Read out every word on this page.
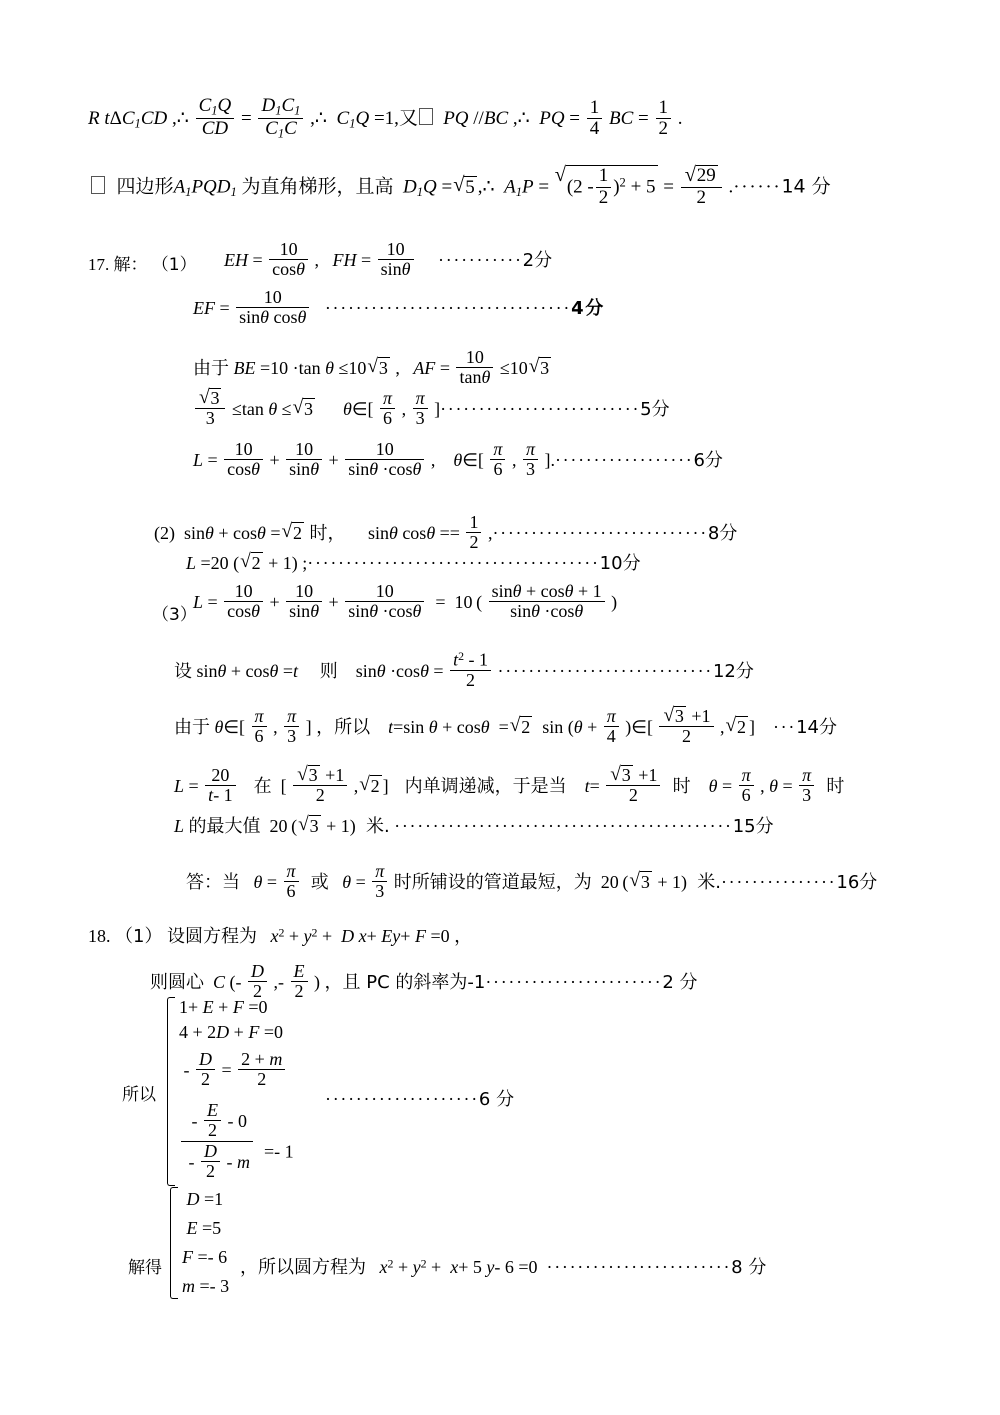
R tΔC$_1$CD ,∴ $\frac{C_1Q}{CD} = \frac{D_1C_1}{C_1C}$ ,∴  $C_1Q =1$,又  PQ //BC ,∴  PQ = $\frac{1}{4}$ BC = $\frac{1}{2}$ .
四边形$A_1PQD_1$ 为直角梯形，且高  $D_1Q$ = √ 5 ,∴  $A_1P$ = √ $(2 - \frac{1}{2} )^2 + 5$ = √ $\frac{29}{2} .\cdot\cdot\cdot\cdot\cdot\cdot 14$ 分
17. 解： （1） EH = $\frac{10}{\cos\theta}$ ,   FH = $\frac{10}{\sin\theta} \cdot\cdot\cdot\cdot\cdot\cdot\cdot\cdot\cdot\cdot\cdot 2$分
EF = $\frac{10}{\text{sinθ cosθ}} \cdot\cdot\cdot\cdot\cdot\cdot\cdot\cdot\cdot\cdot\cdot\cdot\cdot\cdot\cdot\cdot\cdot\cdot\cdot\cdot\cdot\cdot\cdot\cdot\cdot\cdot\cdot\cdot\cdot\cdot\cdot\cdot 4$分
由于 BE =10 ·tan θ ≤10 √ 3 ,   AF = $\frac{10}{\tan\theta} \le 10$ √ 3
√ $\frac{3}{3} \le\tan$ θ ≤ √ 3 θ∈[ $\frac{\pi}{6}$ , $\frac{\pi}{3} ]\cdot\cdot\cdot\cdot\cdot\cdot\cdot\cdot\cdot\cdot\cdot\cdot\cdot\cdot\cdot\cdot\cdot\cdot\cdot\cdot\cdot\cdot\cdot\cdot\cdot\cdot 5$分
$L = \frac{10}{\cos\theta} + \frac{10}{\sin\theta} + \frac{10}{\sin\theta \cdot\cos\theta}$ ,    θ∈[ $\frac{\pi}{6}$ , $\frac{\pi}{3} ].\cdot\cdot\cdot\cdot\cdot\cdot\cdot\cdot\cdot\cdot\cdot\cdot\cdot\cdot\cdot\cdot\cdot\cdot 6$分
(2)  sinθ + cosθ = √ 2 时， sinθ $\cos\theta == \frac{1}{2} ,\cdot\cdot\cdot\cdot\cdot\cdot\cdot\cdot\cdot\cdot\cdot\cdot\cdot\cdot\cdot\cdot\cdot\cdot\cdot\cdot\cdot\cdot\cdot\cdot\cdot\cdot\cdot\cdot 8$分
L =20 ( √ 2 + 1) ;······································10分
（3）
$L = \frac{10}{\cos\theta} + \frac{10}{\sin\theta} + \frac{10}{\sin\theta \cdot\cos\theta} = 10$ ( $\frac{\sin\theta + \cos\theta + 1}{\sin\theta \cdot\cos\theta}$ )
设 sinθ + cosθ =t    则 $\sin\theta \cdot\cos\theta = \frac{t^2 - 1}{2} \cdot\cdot\cdot\cdot\cdot\cdot\cdot\cdot\cdot\cdot\cdot\cdot\cdot\cdot\cdot\cdot\cdot\cdot\cdot\cdot\cdot\cdot\cdot\cdot\cdot\cdot\cdot\cdot 12$分
由于 θ∈[ $\frac{\pi}{6}$ , $\frac{\pi}{3}$ ] ，所以 t=sin θ + cosθ  = √ 2  $\sin (\theta + \frac{\pi}{4}$ )∈[ √ $\frac{3 +1}{2}$ , √ 2 ] ···14分
$L = \frac{20}{t- 1}$ 在  [ √ $\frac{3 +1}{2}$ , √ 2 ]   内单调递减，于是当 t= √ $\frac{3 +1}{2}$ 时 $\theta = \frac{\pi}{6}$ , $\theta = \frac{\pi}{3}$ 时
L 的最大值  20 ( √ 3 + 1)  米. ············································15分
答：当 $\theta = \frac{\pi}{6}$ 或 $\theta = \frac{\pi}{3}$ 时所铺设的管道最短，为  20 ( √ 3 + 1)  米.···············16分
18. （1） 设圆方程为 $x^2 + y^2 + D$ x+ Ey+ F =0 ，
则圆心  C (- $\frac{D}{2}$ ,- $\frac{E}{2}$ ) ，且 PC 的斜率为-1·······················2 分
所以
1+ E + F =0
4 + 2D + F =0
- $\frac{D}{2} = \frac{2 + m}{2}$
$\frac{- \frac{E}{2} - 0}{- \frac{D}{2} - m} =- 1$
····················6 分
解得
D =1
E =5
F =- 6
m =- 3
，所以圆方程为 $x^2 + y^2 + x+ 5$ y- 6 =0 ························8 分
